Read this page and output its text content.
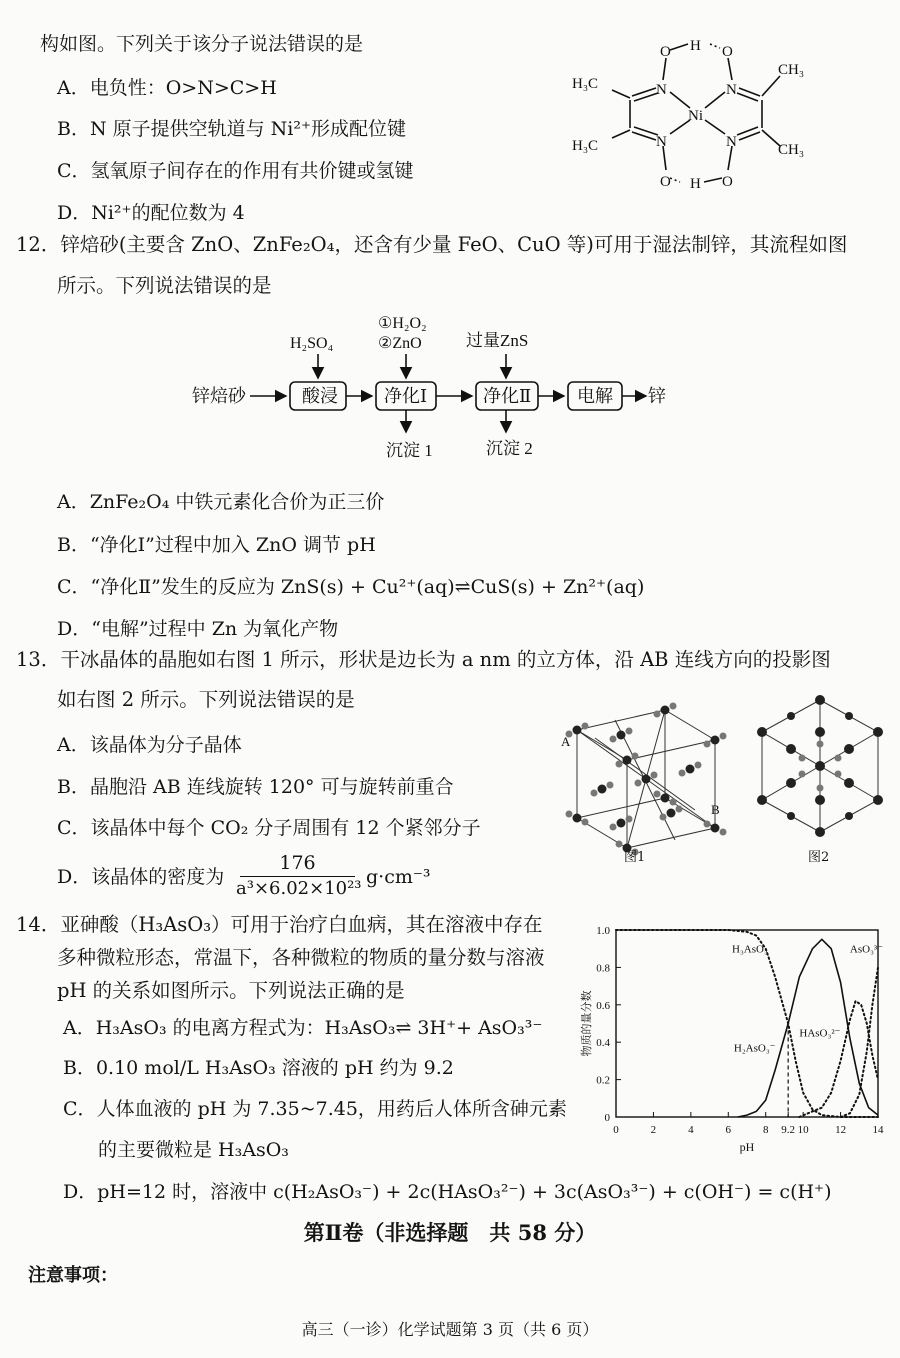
构如图。下列关于该分子说法错误的是
A．电负性：O>N>C>H
B．N 原子提供空轨道与 Ni²⁺形成配位键
C．氢氧原子间存在的作用有共价键或氢键
D．Ni²⁺的配位数为 4
O H O
H₃C
CH₃
N	N
Ni
N	N
H₃C	CH₃
O H O
12．锌焙砂(主要含 ZnO、ZnFe₂O₄，还含有少量 FeO、CuO 等)可用于湿法制锌，其流程如图
所示。下列说法错误的是
锌焙砂	酸浸	净化Ⅰ	净化Ⅱ	电解 锌
H₂SO₄
①H₂O₂
②ZnO	过量ZnS
沉淀 1	沉淀 2
A．ZnFe₂O₄ 中铁元素化合价为正三价
B．“净化Ⅰ”过程中加入 ZnO 调节 pH
C．“净化Ⅱ”发生的反应为 ZnS(s) + Cu²⁺(aq)⇌CuS(s) + Zn²⁺(aq)
D．“电解”过程中 Zn 为氧化产物
13．干冰晶体的晶胞如右图 1 所示，形状是边长为 a nm 的立方体，沿 AB 连线方向的投影图
如右图 2 所示。下列说法错误的是
A．该晶体为分子晶体
B．晶胞沿 AB 连线旋转 120° 可与旋转前重合
C．该晶体中每个 CO₂ 分子周围有 12 个紧邻分子
D．该晶体的密度为
176
a³×6.02×10²³
g·cm⁻³
A
B
图1	图2
14．亚砷酸（H₃AsO₃）可用于治疗白血病，其在溶液中存在
多种微粒形态，常温下，各种微粒的物质的量分数与溶液
pH 的关系如图所示。下列说法正确的是
A．H₃AsO₃ 的电离方程式为：H₃AsO₃⇌ 3H⁺+ AsO₃³⁻
B．0.10 mol/L H₃AsO₃ 溶液的 pH 约为 9.2
C．人体血液的 pH 为 7.35~7.45，用药后人体所含砷元素
的主要微粒是 H₃AsO₃
D．pH=12 时，溶液中 c(H₂AsO₃⁻) + 2c(HAsO₃²⁻) + 3c(AsO₃³⁻) + c(OH⁻) = c(H⁺)
0
0.2
0.4
0.6
0.8
1.0
0	2	4	6	8 9.2 10 12 14
pH
物质的量分数
H₃AsO₃
H₂AsO₃⁻
HAsO₃²⁻
AsO₃³⁻
第Ⅱ卷（非选择题　共 58 分）
注意事项：
高三（一诊）化学试题第 3 页（共 6 页）
